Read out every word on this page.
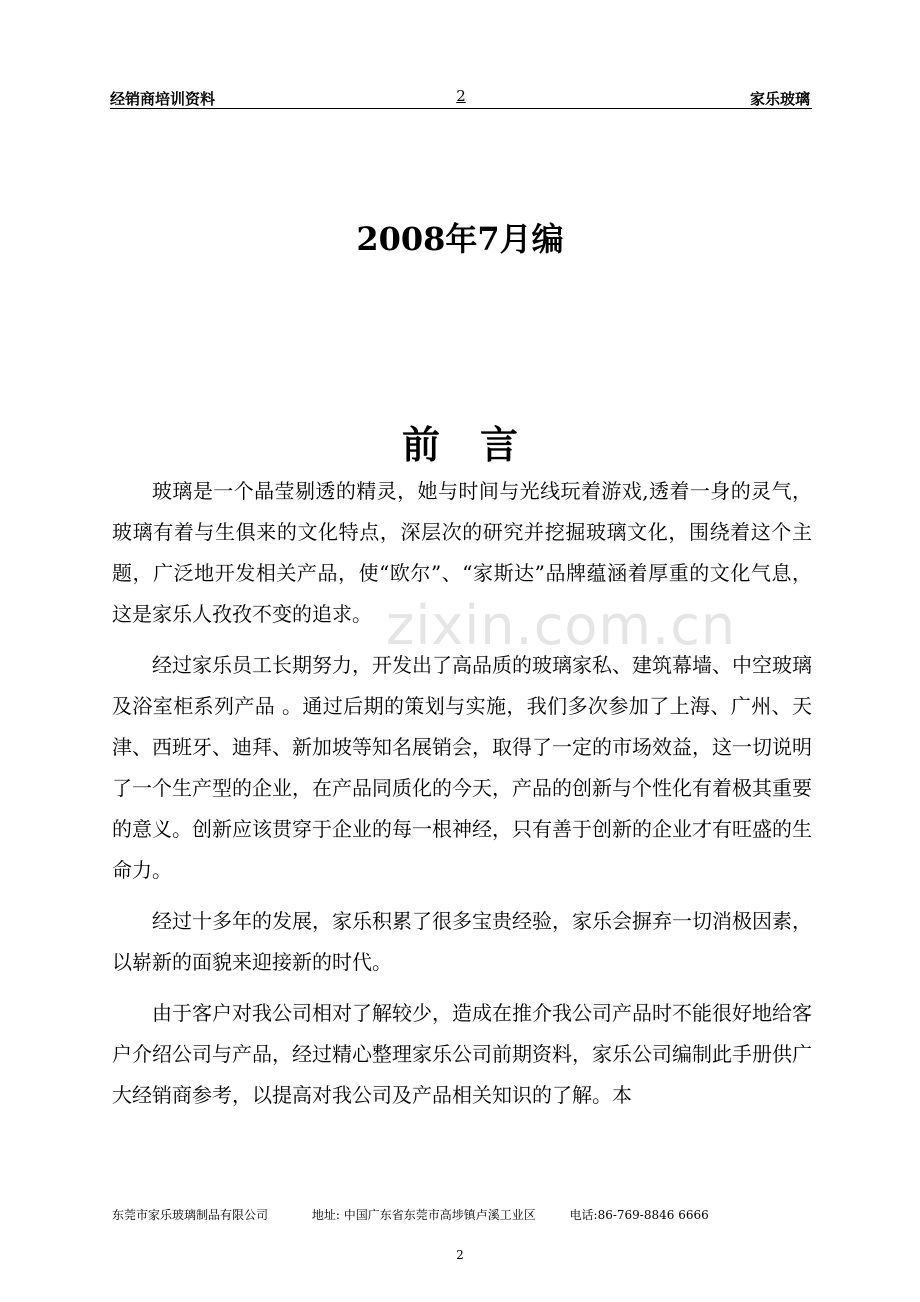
经销商培训资料	2	家乐玻璃
2008年7月编
前言

玻璃是一个晶莹剔透的精灵，她与时间与光线玩着游戏,透着一身的灵气，玻璃有着与生俱来的文化特点，深层次的研究并挖掘玻璃文化，围绕着这个主题，广泛地开发相关产品，使“欧尔”、“家斯达”品牌蕴涵着厚重的文化气息，这是家乐人孜孜不变的追求。

经过家乐员工长期努力，开发出了高品质的玻璃家私、建筑幕墙、中空玻璃及浴室柜系列产品 。通过后期的策划与实施，我们多次参加了上海、广州、天津、西班牙、迪拜、新加坡等知名展销会，取得了一定的市场效益，这一切说明了一个生产型的企业，在产品同质化的今天，产品的创新与个性化有着极其重要的意义。创新应该贯穿于企业的每一根神经，只有善于创新的企业才有旺盛的生命力。

经过十多年的发展，家乐积累了很多宝贵经验，家乐会摒弃一切消极因素，以崭新的面貌来迎接新的时代。

由于客户对我公司相对了解较少，造成在推介我公司产品时不能很好地给客户介绍公司与产品，经过精心整理家乐公司前期资料，家乐公司编制此手册供广大经销商参考，以提高对我公司及产品相关知识的了解。本

zixin.com.cn
东莞市家乐玻璃制品有限公司	地址: 中国广东省东莞市高埗镇卢溪工业区	电话:86-769-8846 6666
2
